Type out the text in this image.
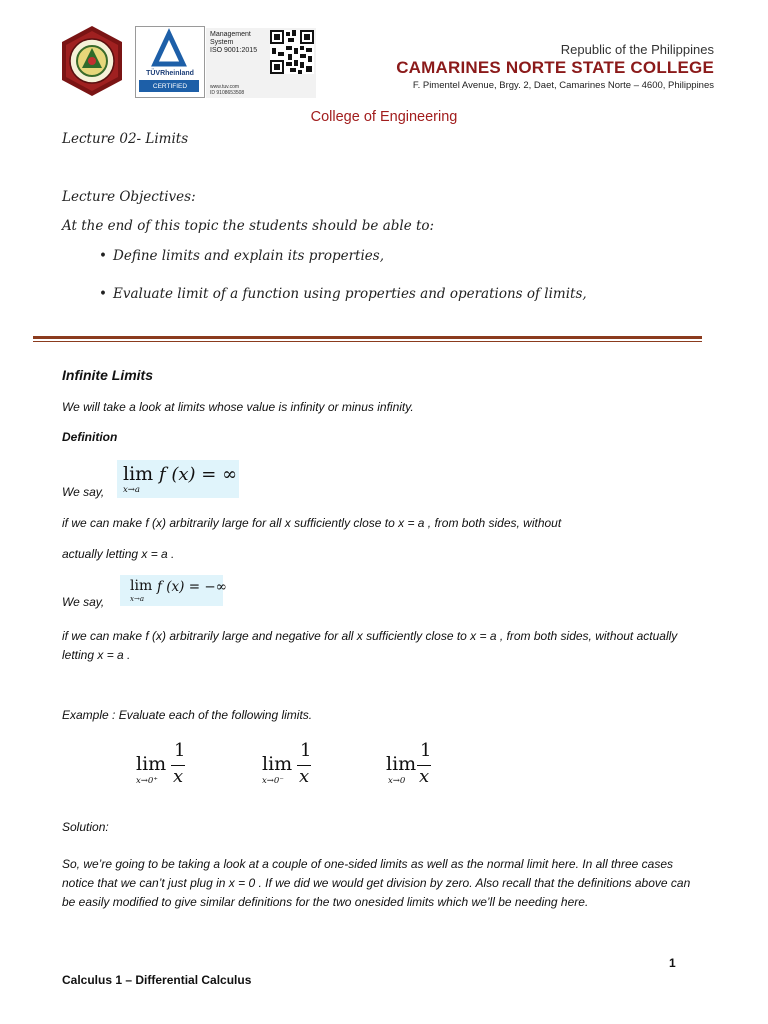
TÜVRheinland
CERTIFIED
Management
System
ISO 9001:2015
www.tuv.com
ID 9108653508
Republic of the Philippines
CAMARINES NORTE STATE COLLEGE
F. Pimentel Avenue, Brgy. 2, Daet, Camarines Norte – 4600, Philippines
College of Engineering
Lecture 02- Limits
Lecture Objectives:
At the end of this topic the students should be able to:
• Define limits and explain its properties,
• Evaluate limit of a function using properties and operations of limits,
Infinite Limits
We will take a look at limits whose value is infinity or minus infinity.
Definition
We say,
lim
x→a
f (x) = ∞
if we can make f (x) arbitrarily large for all x sufficiently close to x = a , from both sides, without
actually letting x = a .
We say,
lim
x→a
f (x) = −∞
if we can make f (x) arbitrarily large and negative for all x sufficiently close to x = a , from both sides, without actually letting x = a .
Example : Evaluate each of the following limits.
lim
x→0⁺
1
x
lim
x→0⁻
1
x
lim
x→0
1
x
Solution:
So, we’re going to be taking a look at a couple of one-sided limits as well as the normal limit here. In all three cases notice that we can’t just plug in x = 0 . If we did we would get division by zero. Also recall that the definitions above can be easily modified to give similar definitions for the two onesided limits which we’ll be needing here.
1
Calculus 1 – Differential Calculus
